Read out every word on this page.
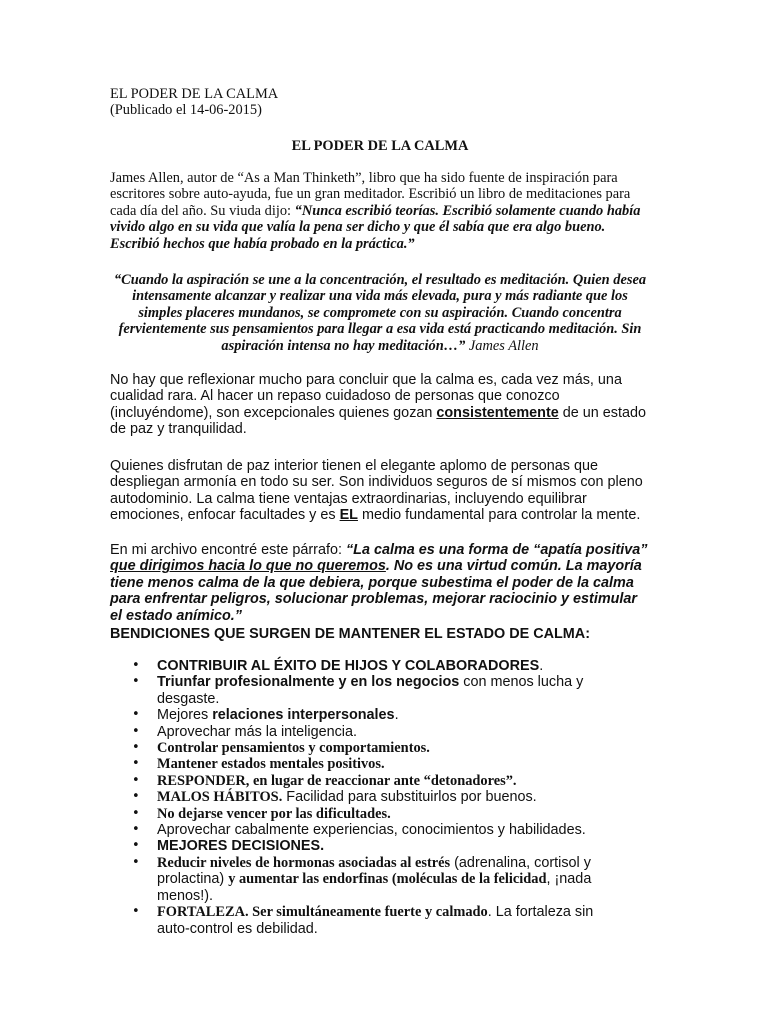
EL PODER DE LA CALMA
(Publicado el 14-06-2015)
EL PODER DE LA CALMA
James Allen, autor de “As a Man Thinketh”, libro que ha sido fuente de inspiración para escritores sobre auto-ayuda, fue un gran meditador. Escribió un libro de meditaciones para cada día del año. Su viuda dijo: “Nunca escribió teorías. Escribió solamente cuando había vivido algo en su vida que valía la pena ser dicho y que él sabía que era algo bueno. Escribió hechos que había probado en la práctica.”
“Cuando la aspiración se une a la concentración, el resultado es meditación. Quien desea intensamente alcanzar y realizar una vida más elevada, pura y más radiante que los simples placeres mundanos, se compromete con su aspiración. Cuando concentra fervientemente sus pensamientos para llegar a esa vida está practicando meditación. Sin aspiración intensa no hay meditación…” James Allen
No hay que reflexionar mucho para concluir que la calma es, cada vez más, una cualidad rara. Al hacer un repaso cuidadoso de personas que conozco (incluyéndome), son excepcionales quienes gozan consistentemente de un estado de paz y tranquilidad.
Quienes disfrutan de paz interior tienen el elegante aplomo de personas que despliegan armonía en todo su ser. Son individuos seguros de sí mismos con pleno autodominio. La calma tiene ventajas extraordinarias, incluyendo equilibrar emociones, enfocar facultades y es EL medio fundamental para controlar la mente.
En mi archivo encontré este párrafo: “La calma es una forma de “apatía positiva” que dirigimos hacia lo que no queremos. No es una virtud común. La mayoría tiene menos calma de la que debiera, porque subestima el poder de la calma para enfrentar peligros, solucionar problemas, mejorar raciocinio y estimular el estado anímico.”
BENDICIONES QUE SURGEN DE MANTENER EL ESTADO DE CALMA:
• CONTRIBUIR AL ÉXITO DE HIJOS Y COLABORADORES.
• Triunfar profesionalmente y en los negocios con menos lucha y desgaste.
• Mejores relaciones interpersonales.
• Aprovechar más la inteligencia.
• Controlar pensamientos y comportamientos.
• Mantener estados mentales positivos.
• RESPONDER, en lugar de reaccionar ante “detonadores”.
• MALOS HÁBITOS. Facilidad para substituirlos por buenos.
• No dejarse vencer por las dificultades.
• Aprovechar cabalmente experiencias, conocimientos y habilidades.
• MEJORES DECISIONES.
• Reducir niveles de hormonas asociadas al estrés (adrenalina, cortisol y prolactina) y aumentar las endorfinas (moléculas de la felicidad, ¡nada menos!).
• FORTALEZA. Ser simultáneamente fuerte y calmado. La fortaleza sin auto-control es debilidad.
